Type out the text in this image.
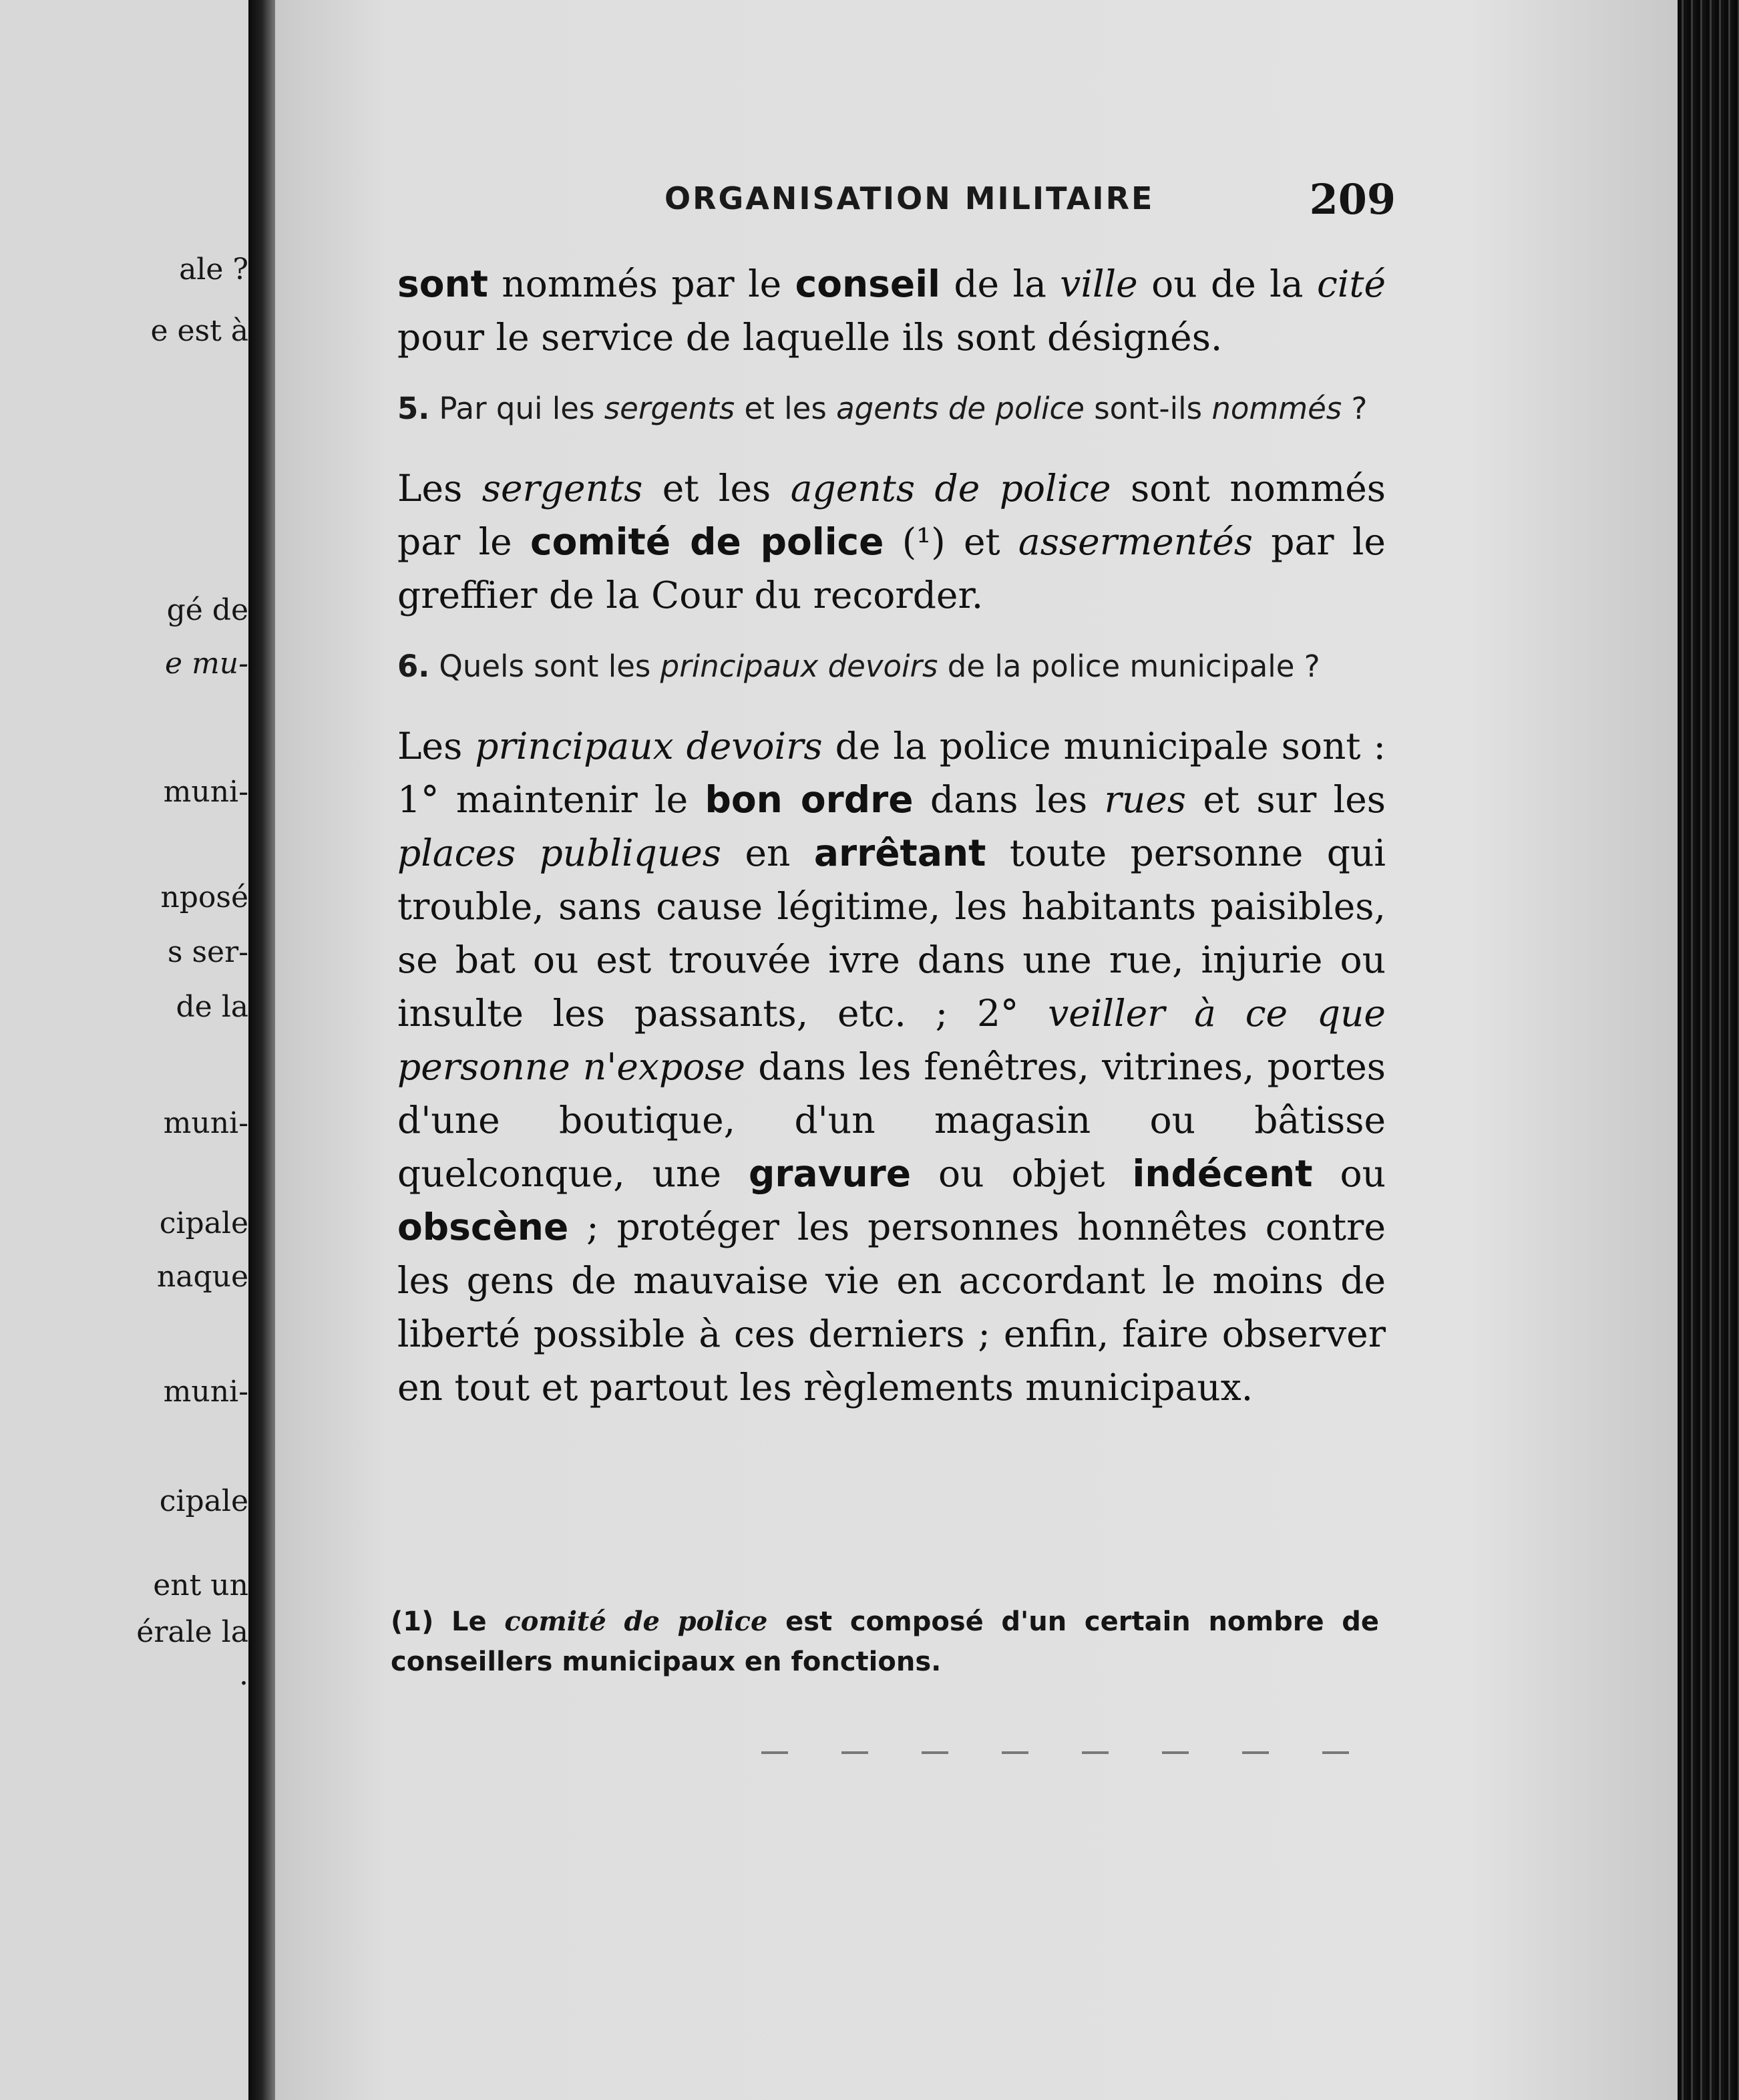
ale ?
e est à
gé de
e mu-
muni-
nposé
s ser-
de la
muni-
cipale
naque
muni-
cipale
ent un
érale la
.
ORGANISATION MILITAIRE	209

sont nommés par le conseil de la ville ou de la cité pour le service de laquelle ils sont désignés.

5. Par qui les sergents et les agents de police sont-ils nommés ?

Les sergents et les agents de police sont nommés par le comité de police (¹) et assermentés par le greffier de la Cour du recorder.

6. Quels sont les principaux devoirs de la police municipale ?

Les principaux devoirs de la police municipale sont : 1° maintenir le bon ordre dans les rues et sur les places publiques en arrêtant toute personne qui trouble, sans cause légitime, les habitants paisibles, se bat ou est trouvée ivre dans une rue, injurie ou insulte les passants, etc. ; 2° veiller à ce que personne n'expose dans les fenêtres, vitrines, portes d'une boutique, d'un magasin ou bâtisse quelconque, une gravure ou objet indécent ou obscène ; protéger les personnes honnêtes contre les gens de mauvaise vie en accordant le moins de liberté possible à ces derniers ; enfin, faire observer en tout et partout les règlements municipaux.

(1) Le comité de police est composé d'un certain nombre de conseillers municipaux en fonctions.
